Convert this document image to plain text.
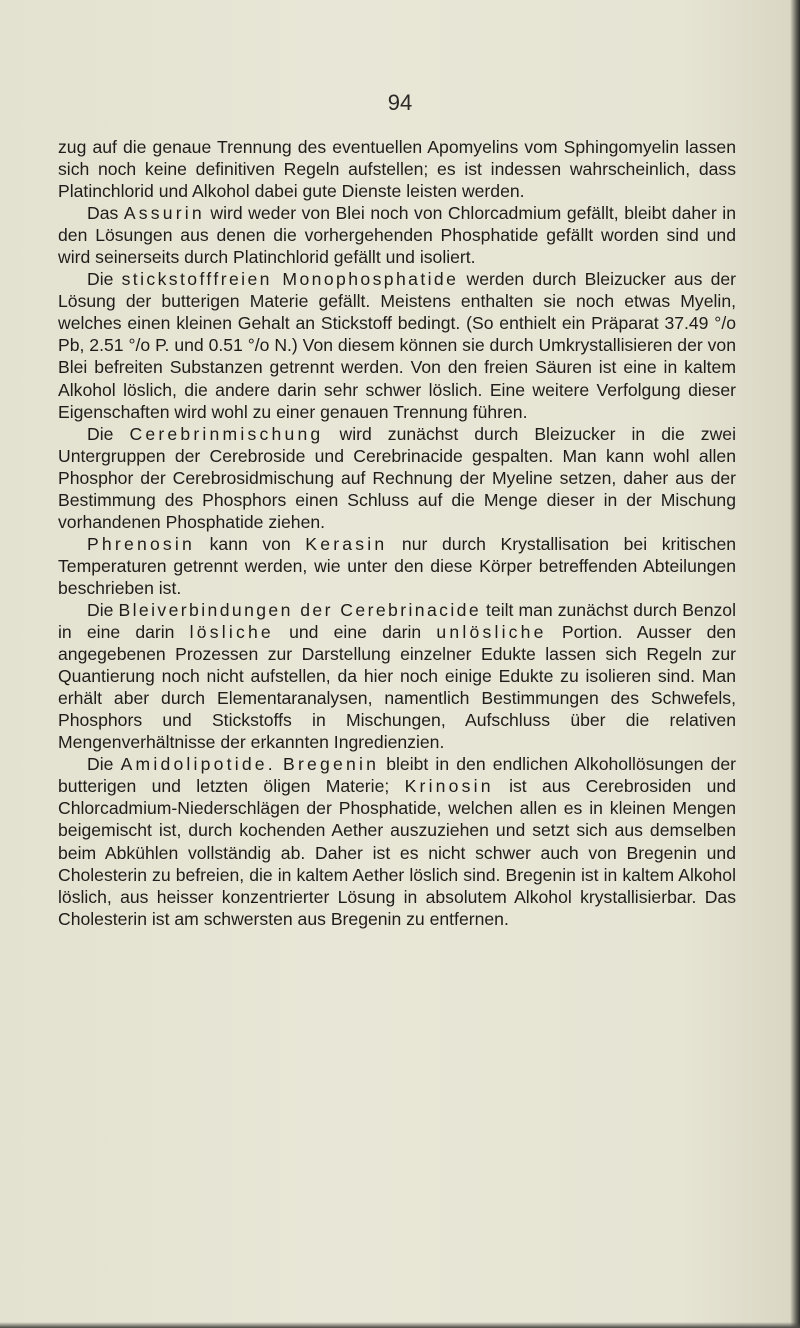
94

zug auf die genaue Trennung des eventuellen Apomyelins vom Sphingomyelin lassen sich noch keine definitiven Regeln aufstellen; es ist indessen wahrscheinlich, dass Platinchlorid und Alkohol dabei gute Dienste leisten werden.

Das Assurin wird weder von Blei noch von Chlorcadmium gefällt, bleibt daher in den Lösungen aus denen die vorhergehenden Phosphatide gefällt worden sind und wird seinerseits durch Platinchlorid gefällt und isoliert.

Die stickstofffreien Monophosphatide werden durch Bleizucker aus der Lösung der butterigen Materie gefällt. Meistens enthalten sie noch etwas Myelin, welches einen kleinen Gehalt an Stickstoff bedingt. (So enthielt ein Präparat 37.49 °/o Pb, 2.51 °/o P. und 0.51 °/o N.) Von diesem können sie durch Umkrystallisieren der von Blei befreiten Substanzen getrennt werden. Von den freien Säuren ist eine in kaltem Alkohol löslich, die andere darin sehr schwer löslich. Eine weitere Verfolgung dieser Eigenschaften wird wohl zu einer genauen Trennung führen.

Die Cerebrinmischung wird zunächst durch Bleizucker in die zwei Untergruppen der Cerebroside und Cerebrinacide gespalten. Man kann wohl allen Phosphor der Cerebrosidmischung auf Rechnung der Myeline setzen, daher aus der Bestimmung des Phosphors einen Schluss auf die Menge dieser in der Mischung vorhandenen Phosphatide ziehen.

Phrenosin kann von Kerasin nur durch Krystallisation bei kritischen Temperaturen getrennt werden, wie unter den diese Körper betreffenden Abteilungen beschrieben ist.

Die Bleiverbindungen der Cerebrinacide teilt man zunächst durch Benzol in eine darin lösliche und eine darin unlösliche Portion. Ausser den angegebenen Prozessen zur Darstellung einzelner Edukte lassen sich Regeln zur Quantierung noch nicht aufstellen, da hier noch einige Edukte zu isolieren sind. Man erhält aber durch Elementaranalysen, namentlich Bestimmungen des Schwefels, Phosphors und Stickstoffs in Mischungen, Aufschluss über die relativen Mengenverhältnisse der erkannten Ingredienzien.

Die Amidolipotide. Bregenin bleibt in den endlichen Alkohollösungen der butterigen und letzten öligen Materie; Krinosin ist aus Cerebrosiden und Chlorcadmium-Niederschlägen der Phosphatide, welchen allen es in kleinen Mengen beigemischt ist, durch kochenden Aether auszuziehen und setzt sich aus demselben beim Abkühlen vollständig ab. Daher ist es nicht schwer auch von Bregenin und Cholesterin zu befreien, die in kaltem Aether löslich sind. Bregenin ist in kaltem Alkohol löslich, aus heisser konzentrierter Lösung in absolutem Alkohol krystallisierbar. Das Cholesterin ist am schwersten aus Bregenin zu entfernen.
